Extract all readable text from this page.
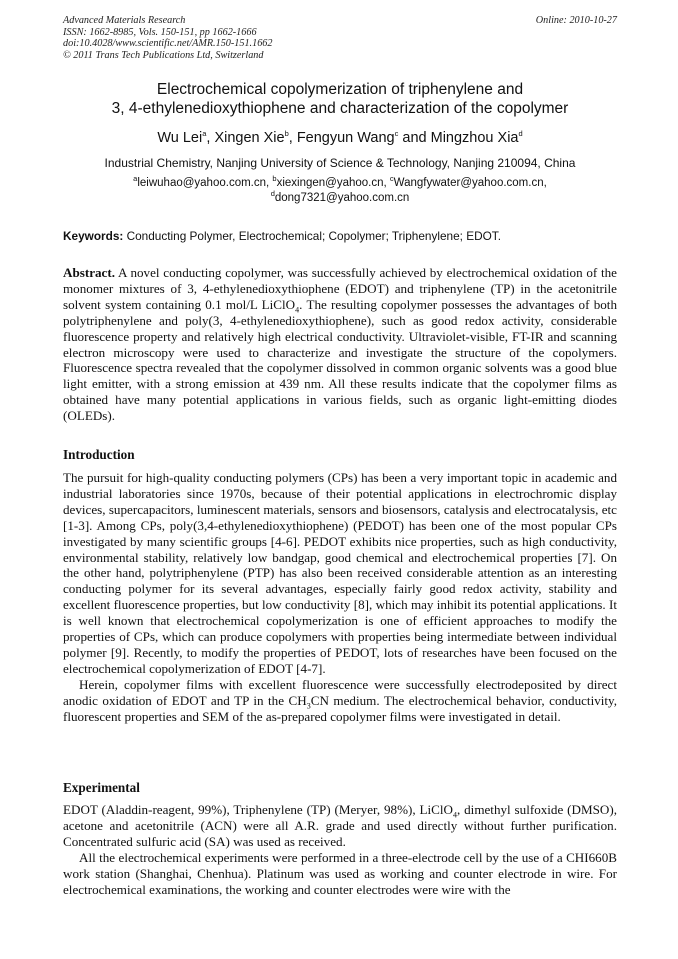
Advanced Materials Research
ISSN: 1662-8985, Vols. 150-151, pp 1662-1666
doi:10.4028/www.scientific.net/AMR.150-151.1662
© 2011 Trans Tech Publications Ltd, Switzerland
Online: 2010-10-27
Electrochemical copolymerization of triphenylene and
3, 4-ethylenedioxythiophene and characterization of the copolymer
Wu Lei$^a$, Xingen Xie$^b$, Fengyun Wang$^c$ and Mingzhou Xia$^d$
Industrial Chemistry, Nanjing University of Science & Technology, Nanjing 210094, China
$^a$leiwuhao@yahoo.com.cn, $^b$xiexingen@yahoo.cn, $^c$Wangfywater@yahoo.com.cn,
$^d$dong7321@yahoo.com.cn
Keywords: Conducting Polymer, Electrochemical; Copolymer; Triphenylene; EDOT.
Abstract. A novel conducting copolymer, was successfully achieved by electrochemical oxidation of the monomer mixtures of 3, 4-ethylenedioxythiophene (EDOT) and triphenylene (TP) in the acetonitrile solvent system containing 0.1 mol/L LiClO$_4$. The resulting copolymer possesses the advantages of both polytriphenylene and poly(3, 4-ethylenedioxythiophene), such as good redox activity, considerable fluorescence property and relatively high electrical conductivity. Ultraviolet-visible, FT-IR and scanning electron microscopy were used to characterize and investigate the structure of the copolymers. Fluorescence spectra revealed that the copolymer dissolved in common organic solvents was a good blue light emitter, with a strong emission at 439 nm. All these results indicate that the copolymer films as obtained have many potential applications in various fields, such as organic light-emitting diodes (OLEDs).
Introduction

The pursuit for high-quality conducting polymers (CPs) has been a very important topic in academic and industrial laboratories since 1970s, because of their potential applications in electrochromic display devices, supercapacitors, luminescent materials, sensors and biosensors, catalysis and electrocatalysis, etc [1-3]. Among CPs, poly(3,4-ethylenedioxythiophene) (PEDOT) has been one of the most popular CPs investigated by many scientific groups [4-6]. PEDOT exhibits nice properties, such as high conductivity, environmental stability, relatively low bandgap, good chemical and electrochemical properties [7]. On the other hand, polytriphenylene (PTP) has also been received considerable attention as an interesting conducting polymer for its several advantages, especially fairly good redox activity, stability and excellent fluorescence properties, but low conductivity [8], which may inhibit its potential applications. It is well known that electrochemical copolymerization is one of efficient approaches to modify the properties of CPs, which can produce copolymers with properties being intermediate between individual polymer [9]. Recently, to modify the properties of PEDOT, lots of researches have been focused on the electrochemical copolymerization of EDOT [4-7].

Herein, copolymer films with excellent fluorescence were successfully electrodeposited by direct anodic oxidation of EDOT and TP in the $CH_3CN$ medium. The electrochemical behavior, conductivity, fluorescent properties and SEM of the as-prepared copolymer films were investigated in detail.

Experimental

EDOT (Aladdin-reagent, 99%), Triphenylene (TP) (Meryer, 98%), LiClO$_4$, dimethyl sulfoxide (DMSO), acetone and acetonitrile (ACN) were all A.R. grade and used directly without further purification. Concentrated sulfuric acid (SA) was used as received.

All the electrochemical experiments were performed in a three-electrode cell by the use of a CHI660B work station (Shanghai, Chenhua). Platinum was used as working and counter electrode in wire. For electrochemical examinations, the working and counter electrodes were wire with the
